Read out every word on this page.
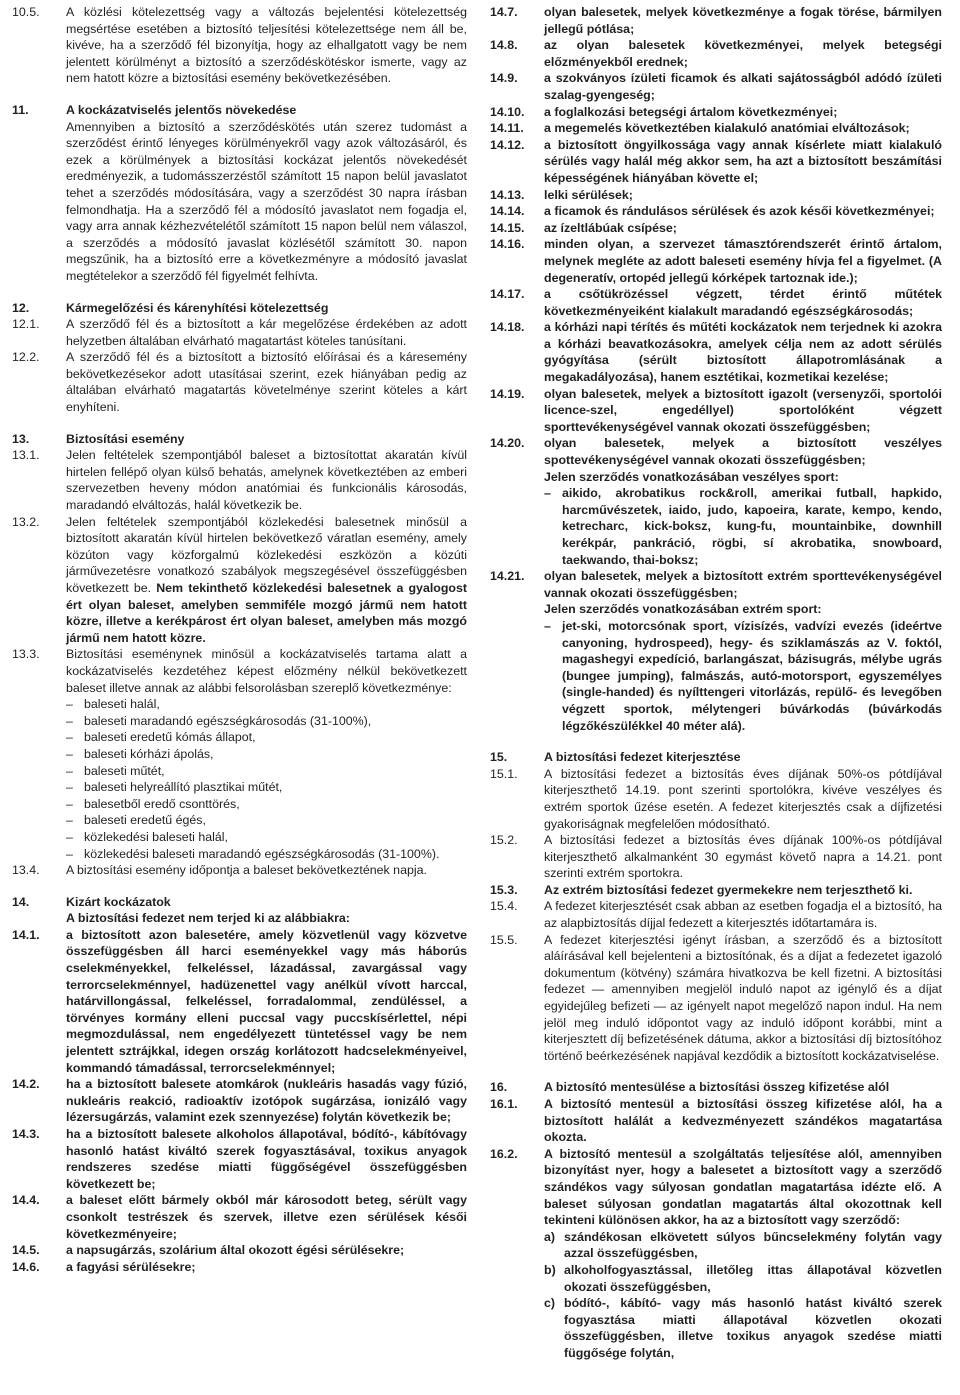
10.5.	A közlési kötelezettség vagy a változás bejelentési kötelezettség megsértése esetében a biztosító teljesítési kötelezettsége nem áll be, kivéve, ha a szerződő fél bizonyítja, hogy az elhallgatott vagy be nem jelentett körülményt a biztosító a szerződéskötéskor ismerte, vagy az nem hatott közre a biztosítási esemény bekövetkezésében.
11.	A kockázatviselés jelentős növekedése
Amennyiben a biztosító a szerződéskötés után szerez tudomást a szerződést érintő lényeges körülményekről vagy azok változásáról, és ezek a körülmények a biztosítási kockázat jelentős növekedését eredményezik, a tudomásszerzéstől számított 15 napon belül javaslatot tehet a szerződés módosítására, vagy a szerződést 30 napra írásban felmondhatja. Ha a szerződő fél a módosító javaslatot nem fogadja el, vagy arra annak kézhezvételétől számított 15 napon belül nem válaszol, a szerződés a módosító javaslat közlésétől számított 30. napon megszűnik, ha a biztosító erre a következményre a módosító javaslat megtételekor a szerződő fél figyelmét felhívta.
12.	Kármegelőzési és kárenyhítési kötelezettség
12.1.	A szerződő fél és a biztosított a kár megelőzése érdekében az adott helyzetben általában elvárható magatartást köteles tanúsítani.
12.2.	A szerződő fél és a biztosított a biztosító előírásai és a káresemény bekövetkezésekor adott utasításai szerint, ezek hiányában pedig az általában elvárható magatartás követelménye szerint köteles a kárt enyhíteni.
13.	Biztosítási esemény
13.1.	Jelen feltételek szempontjából baleset a biztosítottat akaratán kívül hirtelen fellépő olyan külső behatás, amelynek következtében az emberi szervezetben heveny módon anatómiai és funkcionális károsodás, maradandó elváltozás, halál következik be.
13.2.	Jelen feltételek szempontjából közlekedési balesetnek minősül a biztosított akaratán kívül hirtelen bekövetkező váratlan esemény, amely közúton vagy közforgalmú közlekedési eszközön a közúti járművezetésre vonatkozó szabályok megszegésével összefüggésben következett be. Nem tekinthető közlekedési balesetnek a gyalogost ért olyan baleset, amelyben semmiféle mozgó jármű nem hatott közre, illetve a kerékpárost ért olyan baleset, amelyben más mozgó jármű nem hatott közre.
13.3.	Biztosítási eseménynek minősül a kockázatviselés tartama alatt a kockázatviselés kezdetéhez képest előzmény nélkül bekövetkezett baleset illetve annak az alábbi felsorolásban szereplő következménye:
– baleseti halál,
– baleseti maradandó egészségkárosodás (31-100%),
– baleseti eredetű kómás állapot,
– baleseti kórházi ápolás,
– baleseti műtét,
– baleseti helyreállító plasztikai műtét,
– balesetből eredő csonttörés,
– baleseti eredetű égés,
– közlekedési baleseti halál,
– közlekedési baleseti maradandó egészségkárosodás (31-100%).
13.4.	A biztosítási esemény időpontja a baleset bekövetkeztének napja.
14.	Kizárt kockázatok
A biztosítási fedezet nem terjed ki az alábbiakra:
14.1.	a biztosított azon balesetére, amely közvetlenül vagy közvetve összefüggésben áll harci eseményekkel vagy más háborús cselekményekkel, felkeléssel, lázadással, zavargással vagy terrorcselekménnyel, hadüzenettel vagy anélkül vívott harccal, határvillongással, felkeléssel, forradalommal, zendüléssel, a törvényes kormány elleni puccsal vagy puccskísérlettel, népi megmozdulással, nem engedélyezett tüntetéssel vagy be nem jelentett sztrájkkal, idegen ország korlátozott hadcselekményeivel, kommandó támadással, terrorcselekménnyel;
14.2.	ha a biztosított balesete atomkárok (nukleáris hasadás vagy fúzió, nukleáris reakció, radioaktív izotópok sugárzása, ionizáló vagy lézersugárzás, valamint ezek szennyezése) folytán következik be;
14.3.	ha a biztosított balesete alkoholos állapotával, bódító-, kábítóvagy hasonló hatást kiváltó szerek fogyasztásával, toxikus anyagok rendszeres szedése miatti függőségével összefüggésben következett be;
14.4.	a baleset előtt bármely okból már károsodott beteg, sérült vagy csonkolt testrészek és szervek, illetve ezen sérülések késői következményeire;
14.5.	a napsugárzás, szolárium által okozott égési sérülésekre;
14.6.	a fagyási sérülésekre;
14.7.	olyan balesetek, melyek következménye a fogak törése, bármilyen jellegű pótlása;
14.8.	az olyan balesetek következményei, melyek betegségi előzményekből erednek;
14.9.	a szokványos ízületi ficamok és alkati sajátosságból adódó ízületi szalag-gyengeség;
14.10.	a foglalkozási betegségi ártalom következményei;
14.11.	a megemelés következtében kialakuló anatómiai elváltozások;
14.12.	a biztosított öngyilkossága vagy annak kísérlete miatt kialakuló sérülés vagy halál még akkor sem, ha azt a biztosított beszámítási képességének hiányában követte el;
14.13.	lelki sérülések;
14.14.	a ficamok és rándulásos sérülések és azok késői következményei;
14.15.	az ízeltlábúak csípése;
14.16.	minden olyan, a szervezet támasztórendszerét érintő ártalom, melynek megléte az adott baleseti esemény hívja fel a figyelmet. (A degeneratív, ortopéd jellegű kórképek tartoznak ide.);
14.17.	a csőtükrözéssel végzett, térdet érintő műtétek következményeiként kialakult maradandó egészségkárosodás;
14.18.	a kórházi napi térítés és műtéti kockázatok nem terjednek ki azokra a kórházi beavatkozásokra, amelyek célja nem az adott sérülés gyógyítása (sérült biztosított állapotromlásának a megakadályozása), hanem esztétikai, kozmetikai kezelése;
14.19.	olyan balesetek, melyek a biztosított igazolt (versenyzői, sportolói licence-szel, engedéllyel) sportolóként végzett sporttevékenységével vannak okozati összefüggésben;
14.20.	olyan balesetek, melyek a biztosított veszélyes spottevékenységével vannak okozati összefüggésben;
Jelen szerződés vonatkozásában veszélyes sport:
– aikido, akrobatikus rock&roll, amerikai futball, hapkido, harcművészetek, iaido, judo, kapoeira, karate, kempo, kendo, ketrecharc, kick-boksz, kung-fu, mountainbike, downhill kerékpár, pankráció, rögbi, sí akrobatika, snowboard, taekwando, thai-boksz;
14.21.	olyan balesetek, melyek a biztosított extrém sporttevékenységével vannak okozati összefüggésben;
Jelen szerződés vonatkozásában extrém sport:
– jet-ski, motorcsónak sport, vízisízés, vadvízi evezés (ideértve canyoning, hydrospeed), hegy- és sziklamászás az V. foktól, magashegyi expedíció, barlangászat, bázisugrás, mélybe ugrás (bungee jumping), falmászás, autó-motorsport, egyszemélyes (single-handed) és nyílttengeri vitorlázás, repülő- és levegőben végzett sportok, mélytengeri búvárkodás (búvárkodás légzőkészülékkel 40 méter alá).
15.	A biztosítási fedezet kiterjesztése
15.1.	A biztosítási fedezet a biztosítás éves díjának 50%-os pótdíjával kiterjeszthető 14.19. pont szerinti sportolókra, kivéve veszélyes és extrém sportok űzése esetén. A fedezet kiterjesztés csak a díjfizetési gyakoriságnak megfelelően módosítható.
15.2.	A biztosítási fedezet a biztosítás éves díjának 100%-os pótdíjával kiterjeszthető alkalmanként 30 egymást követő napra a 14.21. pont szerinti extrém sportokra.
15.3.	Az extrém biztosítási fedezet gyermekekre nem terjeszthető ki.
15.4.	A fedezet kiterjesztését csak abban az esetben fogadja el a biztosító, ha az alapbiztosítás díjjal fedezett a kiterjesztés időtartamára is.
15.5.	A fedezet kiterjesztési igényt írásban, a szerződő és a biztosított aláírásával kell bejelenteni a biztosítónak, és a díjat a fedezetet igazoló dokumentum (kötvény) számára hivatkozva be kell fizetni. A biztosítási fedezet — amennyiben megjelöl induló napot az igénylő és a díjat egyidejűleg befizeti — az igényelt napot megelőző napon indul. Ha nem jelöl meg induló időpontot vagy az induló időpont korábbi, mint a kiterjesztett díj befizetésének dátuma, akkor a biztosítási díj biztosítóhoz történő beérkezésének napjával kezdődik a biztosított kockázatviselése.
16.	A biztosító mentesülése a biztosítási összeg kifizetése alól
16.1.	A biztosító mentesül a biztosítási összeg kifizetése alól, ha a biztosított halálát a kedvezményezett szándékos magatartása okozta.
16.2.	A biztosító mentesül a szolgáltatás teljesítése alól, amennyiben bizonyítást nyer, hogy a balesetet a biztosított vagy a szerződő szándékos vagy súlyosan gondatlan magatartása idézte elő. A baleset súlyosan gondatlan magatartás által okozottnak kell tekinteni különösen akkor, ha az a biztosított vagy szerződő:
a) szándékosan elkövetett súlyos bűncselekmény folytán vagy azzal összefüggésben,
b) alkoholfogyasztással, illetőleg ittas állapotával közvetlen okozati összefüggésben,
c) bódító-, kábító- vagy más hasonló hatást kiváltó szerek fogyasztása miatti állapotával közvetlen okozati összefüggésben, illetve toxikus anyagok szedése miatti függősége folytán,
